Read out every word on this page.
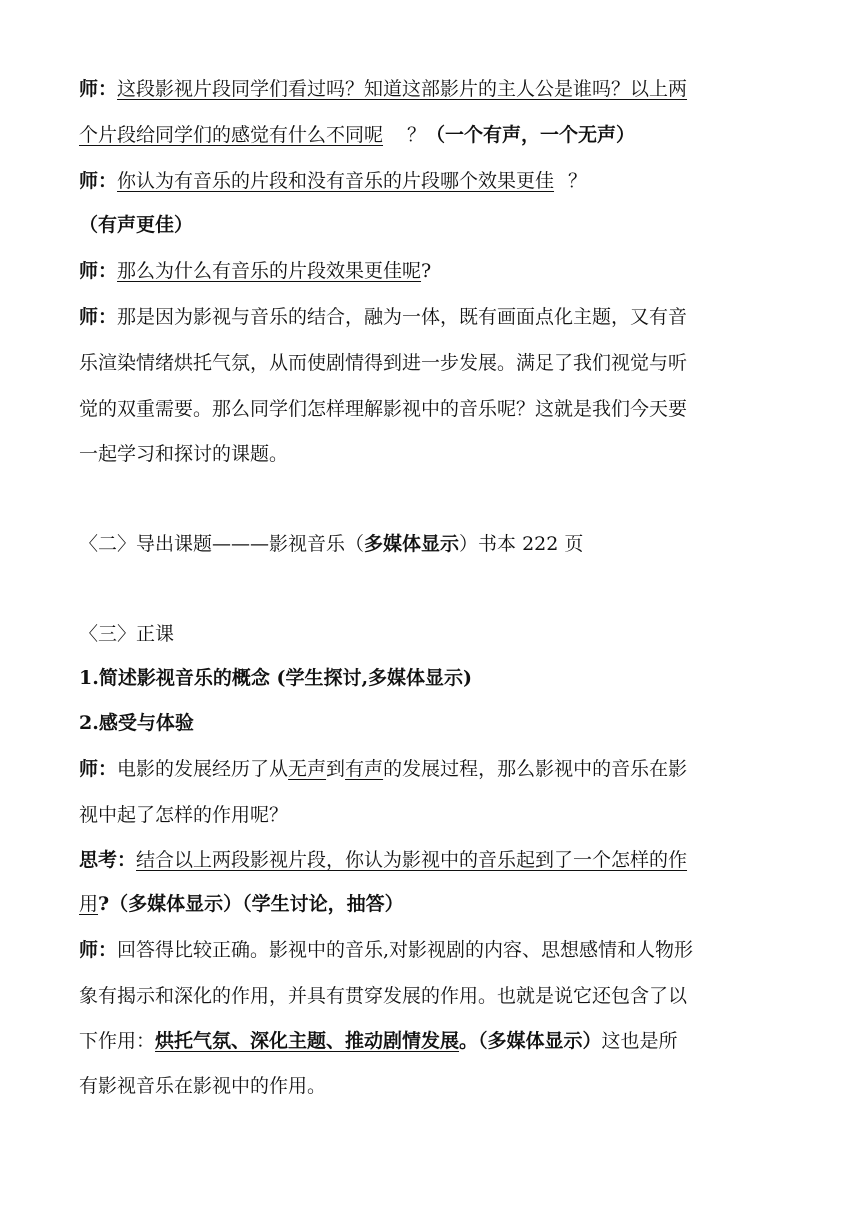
师：这段影视片段同学们看过吗？知道这部影片的主人公是谁吗？以上两
个片段给同学们的感觉有什么不同呢 ？（一个有声，一个无声）
师：你认为有音乐的片段和没有音乐的片段哪个效果更佳 ？
（有声更佳）
师：那么为什么有音乐的片段效果更佳呢?
师：那是因为影视与音乐的结合，融为一体，既有画面点化主题，又有音
乐渲染情绪烘托气氛，从而使剧情得到进一步发展。满足了我们视觉与听
觉的双重需要。那么同学们怎样理解影视中的音乐呢？这就是我们今天要
一起学习和探讨的课题。
〈二〉导出课题———影视音乐（多媒体显示）书本 222 页
〈三〉正课
1.简述影视音乐的概念 (学生探讨,多媒体显示)
2.感受与体验
师：电影的发展经历了从无声到有声的发展过程，那么影视中的音乐在影
视中起了怎样的作用呢？
思考：结合以上两段影视片段，你认为影视中的音乐起到了一个怎样的作
用?（多媒体显示）（学生讨论，抽答）
师：回答得比较正确。影视中的音乐,对影视剧的内容、思想感情和人物形
象有揭示和深化的作用，并具有贯穿发展的作用。也就是说它还包含了以
下作用：烘托气氛、深化主题、推动剧情发展。（多媒体显示）这也是所
有影视音乐在影视中的作用。
